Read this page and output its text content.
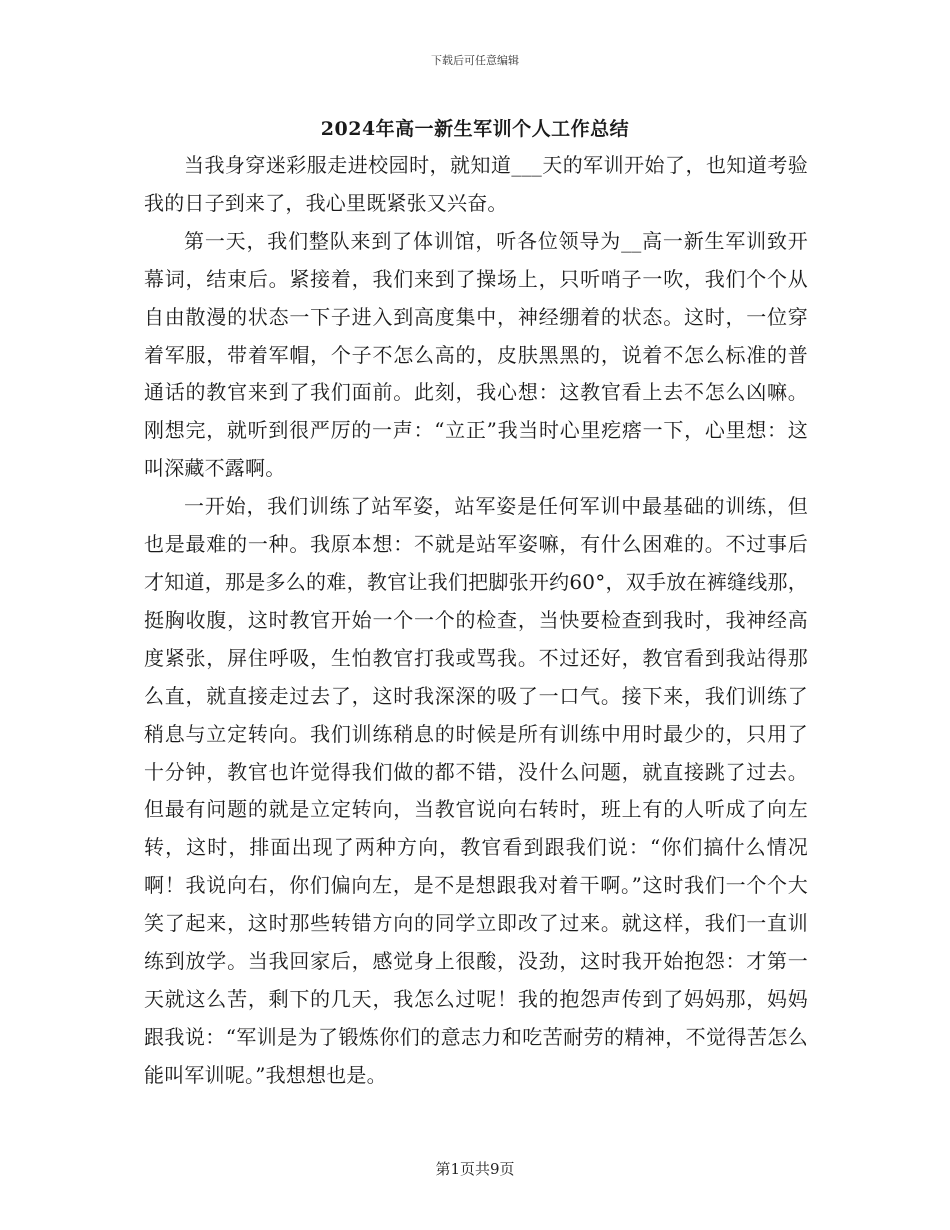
下载后可任意编辑
2024年高一新生军训个人工作总结

当我身穿迷彩服走进校园时，就知道___天的军训开始了，也知道考验我的日子到来了，我心里既紧张又兴奋。

第一天，我们整队来到了体训馆，听各位领导为__高一新生军训致开幕词，结束后。紧接着，我们来到了操场上，只听哨子一吹，我们个个从自由散漫的状态一下子进入到高度集中，神经绷着的状态。这时，一位穿着军服，带着军帽，个子不怎么高的，皮肤黑黑的，说着不怎么标准的普通话的教官来到了我们面前。此刻，我心想：这教官看上去不怎么凶嘛。刚想完，就听到很严厉的一声：“立正”我当时心里疙瘩一下，心里想：这叫深藏不露啊。

一开始，我们训练了站军姿，站军姿是任何军训中最基础的训练，但也是最难的一种。我原本想：不就是站军姿嘛，有什么困难的。不过事后才知道，那是多么的难，教官让我们把脚张开约60°，双手放在裤缝线那，挺胸收腹，这时教官开始一个一个的检查，当快要检查到我时，我神经高度紧张，屏住呼吸，生怕教官打我或骂我。不过还好，教官看到我站得那么直，就直接走过去了，这时我深深的吸了一口气。接下来，我们训练了稍息与立定转向。我们训练稍息的时候是所有训练中用时最少的，只用了十分钟，教官也许觉得我们做的都不错，没什么问题，就直接跳了过去。但最有问题的就是立定转向，当教官说向右转时，班上有的人听成了向左转，这时，排面出现了两种方向，教官看到跟我们说：“你们搞什么情况啊！我说向右，你们偏向左，是不是想跟我对着干啊。”这时我们一个个大笑了起来，这时那些转错方向的同学立即改了过来。就这样，我们一直训练到放学。当我回家后，感觉身上很酸，没劲，这时我开始抱怨：才第一天就这么苦，剩下的几天，我怎么过呢！我的抱怨声传到了妈妈那，妈妈跟我说：“军训是为了锻炼你们的意志力和吃苦耐劳的精神，不觉得苦怎么能叫军训呢。”我想想也是。

第1页共9页
